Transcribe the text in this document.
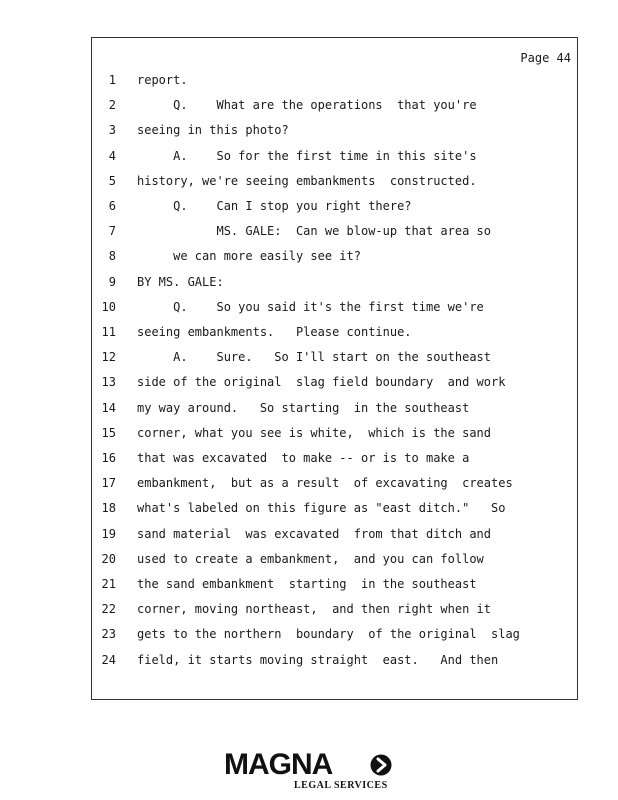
Page 44
1 report.
2 Q.    What are the operations  that you're
3 seeing in this photo?
4 A.    So for the first time in this site's
5 history, we're seeing embankments  constructed.
6 Q.    Can I stop you right there?
7 MS. GALE:  Can we blow-up that area so
8 we can more easily see it?
9 BY MS. GALE:
10 Q.    So you said it's the first time we're
11 seeing embankments.   Please continue.
12 A.    Sure.   So I'll start on the southeast
13 side of the original  slag field boundary  and work
14 my way around.   So starting  in the southeast
15 corner, what you see is white,  which is the sand
16 that was excavated  to make -- or is to make a
17 embankment,  but as a result  of excavating  creates
18 what's labeled on this figure as "east ditch."   So
19 sand material  was excavated  from that ditch and
20 used to create a embankment,  and you can follow
21 the sand embankment  starting  in the southeast
22 corner, moving northeast,  and then right when it
23 gets to the northern  boundary  of the original  slag
24 field, it starts moving straight  east.   And then
MAGNA
LEGAL SERVICES
